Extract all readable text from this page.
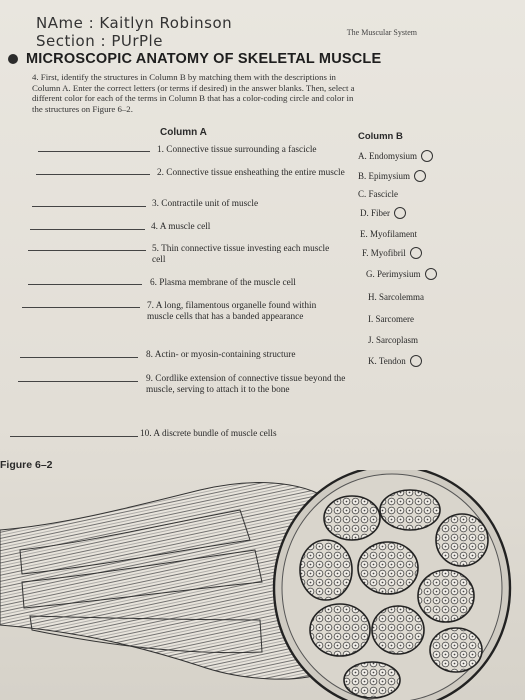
NAme : Kaitlyn Robinson
Section : PUrPle	The Muscular System
MICROSCOPIC ANATOMY OF SKELETAL MUSCLE
4. First, identify the structures in Column B by matching them with the descriptions in Column A. Enter the correct letters (or terms if desired) in the answer blanks. Then, select a different color for each of the terms in Column B that has a color-coding circle and color in the structures on Figure 6–2.
Column A	Column B
1. Connective tissue surrounding a fascicle
2. Connective tissue ensheathing the entire muscle
3. Contractile unit of muscle
4. A muscle cell
5. Thin connective tissue investing each muscle cell
6. Plasma membrane of the muscle cell
7. A long, filamentous organelle found within muscle cells that has a banded appearance
8. Actin- or myosin-containing structure
9. Cordlike extension of connective tissue beyond the muscle, serving to attach it to the bone
10. A discrete bundle of muscle cells
A. Endomysium
B. Epimysium
C. Fascicle
D. Fiber
E. Myofilament
F. Myofibril
G. Perimysium
H. Sarcolemma
I. Sarcomere
J. Sarcoplasm
K. Tendon
Figure 6–2
